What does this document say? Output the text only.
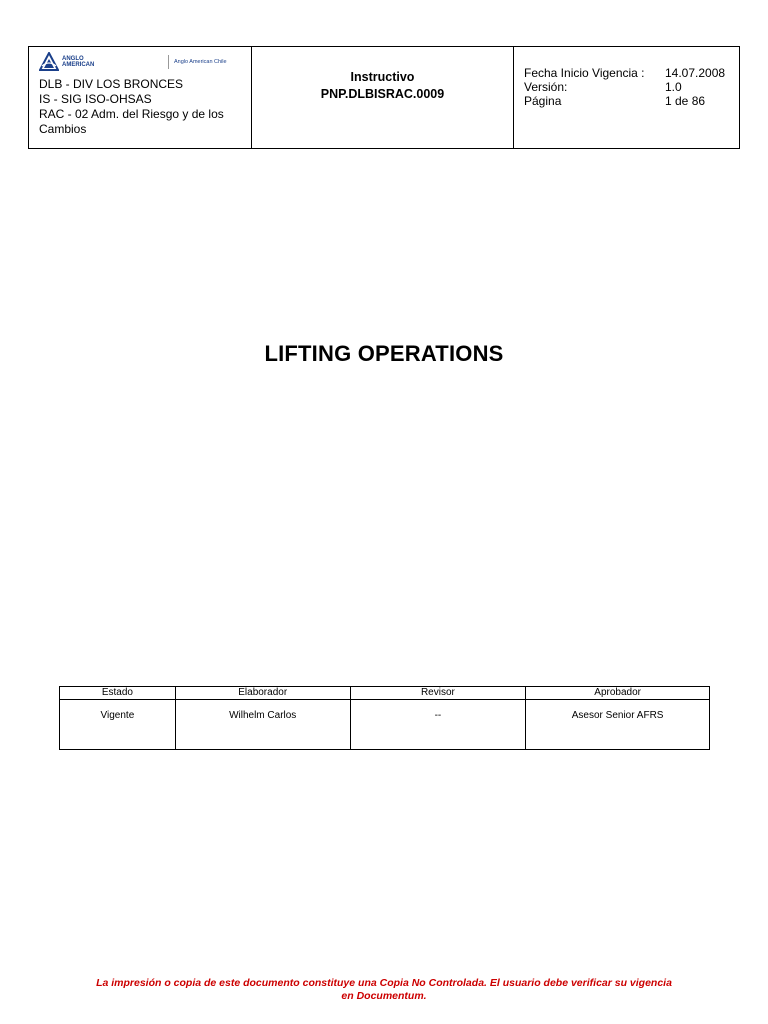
ANGLO
AMERICAN
Anglo American Chile
DLB - DIV LOS BRONCES
IS - SIG ISO-OHSAS
RAC - 02 Adm. del Riesgo y de los
Cambios
Instructivo
PNP.DLBISRAC.0009
Fecha Inicio Vigencia :	14.07.2008
Versión:	1.0
Página	1 de 86
LIFTING OPERATIONS
Estado	Elaborador	Revisor	Aprobador
Vigente	Wilhelm Carlos	--	Asesor Senior AFRS
La impresión o copia de este documento constituye una Copia No Controlada. El usuario debe verificar su vigencia
en Documentum.
